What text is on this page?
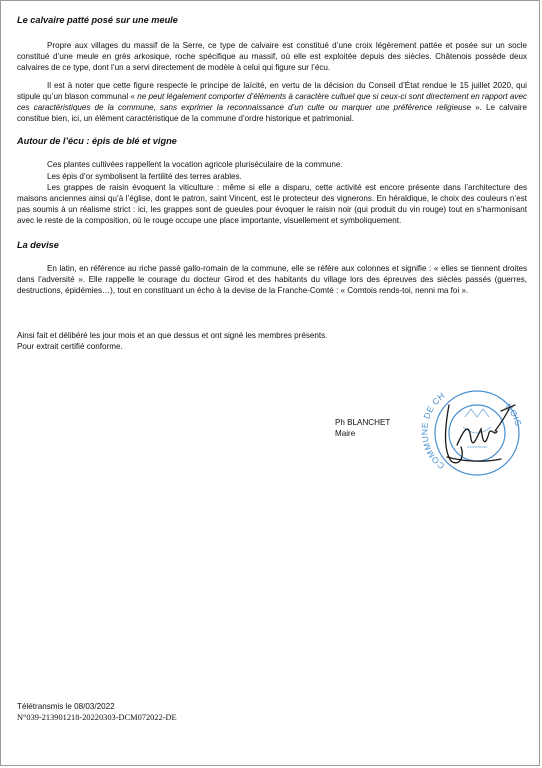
Le calvaire patté posé sur une meule

Propre aux villages du massif de la Serre, ce type de calvaire est constitué d’une croix légèrement pattée et posée sur un socle constitué d’une meule en grès arkosique, roche spécifique au massif, où elle est exploitée depuis des siècles. Châtenois possède deux calvaires de ce type, dont l’un a servi directement de modèle à celui qui figure sur l’écu.

Il est à noter que cette figure respecte le principe de laïcité, en vertu de la décision du Conseil d’État rendue le 15 juillet 2020, qui stipule qu’un blason communal « ne peut légalement comporter d’éléments à caractère cultuel que si ceux-ci sont directement en rapport avec ces caractéristiques de la commune, sans exprimer la reconnaissance d’un culte ou marquer une préférence religieuse ». Le calvaire constitue bien, ici, un élément caractéristique de la commune d’ordre historique et patrimonial.

Autour de l’écu : épis de blé et vigne

Ces plantes cultivées rappellent la vocation agricole pluriséculaire de la commune.

Les épis d’or symbolisent la fertilité des terres arables.

Les grappes de raisin évoquent la viticulture : même si elle a disparu, cette activité est encore présente dans l’architecture des maisons anciennes ainsi qu’à l’église, dont le patron, saint Vincent, est le protecteur des vignerons. En héraldique, le choix des couleurs n’est pas soumis à un réalisme strict : ici, les grappes sont de gueules pour évoquer le raisin noir (qui produit du vin rouge) tout en s’harmonisant avec le reste de la composition, où le rouge occupe une place importante, visuellement et symboliquement.

La devise

En latin, en référence au riche passé gallo-romain de la commune, elle se réfère aux colonnes et signifie : « elles se tiennent droites dans l’adversité ». Elle rappelle le courage du docteur Girod et des habitants du village lors des épreuves des siècles passés (guerres, destructions, épidémies…), tout en constituant un écho à la devise de la Franche-Comté : « Comtois rends-toi, nenni ma foi ».

Ainsi fait et délibéré les jour mois et an que dessus et ont signé les membres présents.

Pour extrait certifié conforme.

Ph BLANCHET
Maire
COMMUNE DE CH
NOIS
Télétransmis le 08/03/2022
N°039-213901218-20220303-DCM072022-DE
